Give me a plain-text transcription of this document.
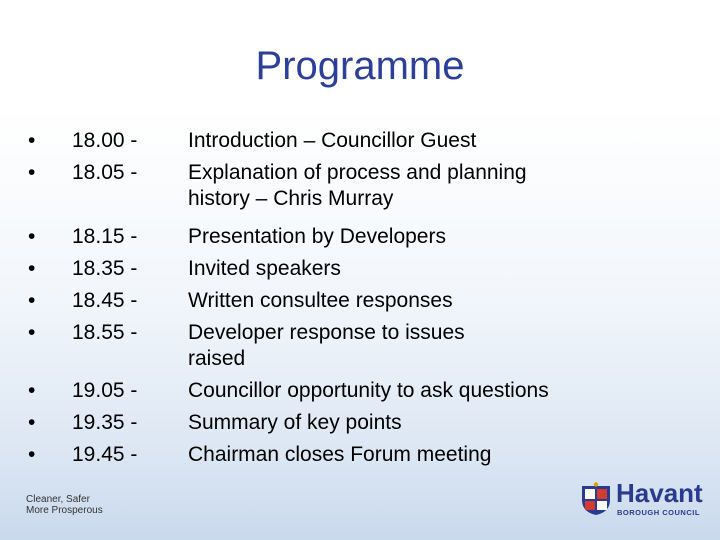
Programme
• 18.00 -
• 18.05 -
• 18.15 -
• 18.35 -
• 18.45 -
• 18.55 -
• 19.05 -
• 19.35 -
• 19.45 -
Introduction – Councillor Guest
Explanation of process and planning
history – Chris Murray
Presentation by Developers
Invited speakers
Written consultee responses
Developer response to issues
raised
Councillor opportunity to ask questions
Summary of key points
Chairman closes Forum meeting
Cleaner, Safer
More Prosperous
Havant
BOROUGH COUNCIL
